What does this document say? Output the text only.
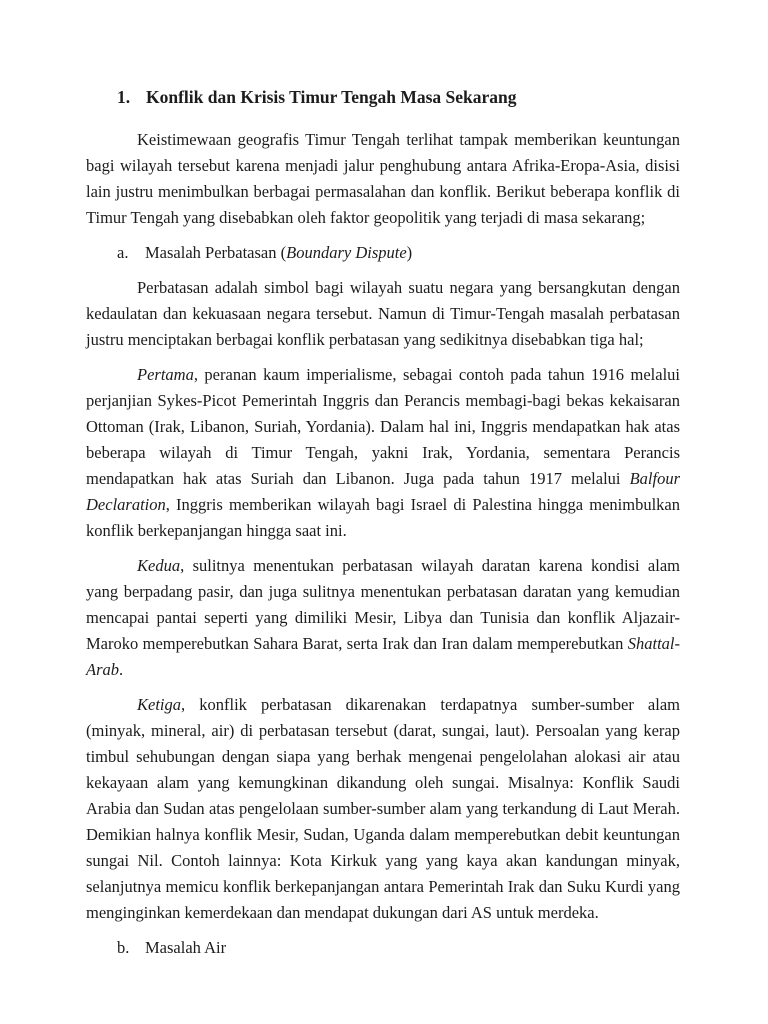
1. Konflik dan Krisis Timur Tengah Masa Sekarang

Keistimewaan geografis Timur Tengah terlihat tampak memberikan keuntungan bagi wilayah tersebut karena menjadi jalur penghubung antara Afrika-Eropa-Asia, disisi lain justru menimbulkan berbagai permasalahan dan konflik. Berikut beberapa konflik di Timur Tengah yang disebabkan oleh faktor geopolitik yang terjadi di masa sekarang;

a.	Masalah Perbatasan (Boundary Dispute)

Perbatasan adalah simbol bagi wilayah suatu negara yang bersangkutan dengan kedaulatan dan kekuasaan negara tersebut. Namun di Timur-Tengah masalah perbatasan justru menciptakan berbagai konflik perbatasan yang sedikitnya disebabkan tiga hal;

Pertama, peranan kaum imperialisme, sebagai contoh pada tahun 1916 melalui perjanjian Sykes-Picot Pemerintah Inggris dan Perancis membagi-bagi bekas kekaisaran Ottoman (Irak, Libanon, Suriah, Yordania). Dalam hal ini, Inggris mendapatkan hak atas beberapa wilayah di Timur Tengah, yakni Irak, Yordania, sementara Perancis mendapatkan hak atas Suriah dan Libanon. Juga pada tahun 1917 melalui Balfour Declaration, Inggris memberikan wilayah bagi Israel di Palestina hingga menimbulkan konflik berkepanjangan hingga saat ini.

Kedua, sulitnya menentukan perbatasan wilayah daratan karena kondisi alam yang berpadang pasir, dan juga sulitnya menentukan perbatasan daratan yang kemudian mencapai pantai seperti yang dimiliki Mesir, Libya dan Tunisia dan konflik Aljazair-Maroko memperebutkan Sahara Barat, serta Irak dan Iran dalam memperebutkan Shattal-Arab.

Ketiga, konflik perbatasan dikarenakan terdapatnya sumber-sumber alam (minyak, mineral, air) di perbatasan tersebut (darat, sungai, laut). Persoalan yang kerap timbul sehubungan dengan siapa yang berhak mengenai pengelolahan alokasi air atau kekayaan alam yang kemungkinan dikandung oleh sungai. Misalnya: Konflik Saudi Arabia dan Sudan atas pengelolaan sumber-sumber alam yang terkandung di Laut Merah. Demikian halnya konflik Mesir, Sudan, Uganda dalam memperebutkan debit keuntungan sungai Nil. Contoh lainnya: Kota Kirkuk yang yang kaya akan kandungan minyak, selanjutnya memicu konflik berkepanjangan antara Pemerintah Irak dan Suku Kurdi yang menginginkan kemerdekaan dan mendapat dukungan dari AS untuk merdeka.

b. Masalah Air
